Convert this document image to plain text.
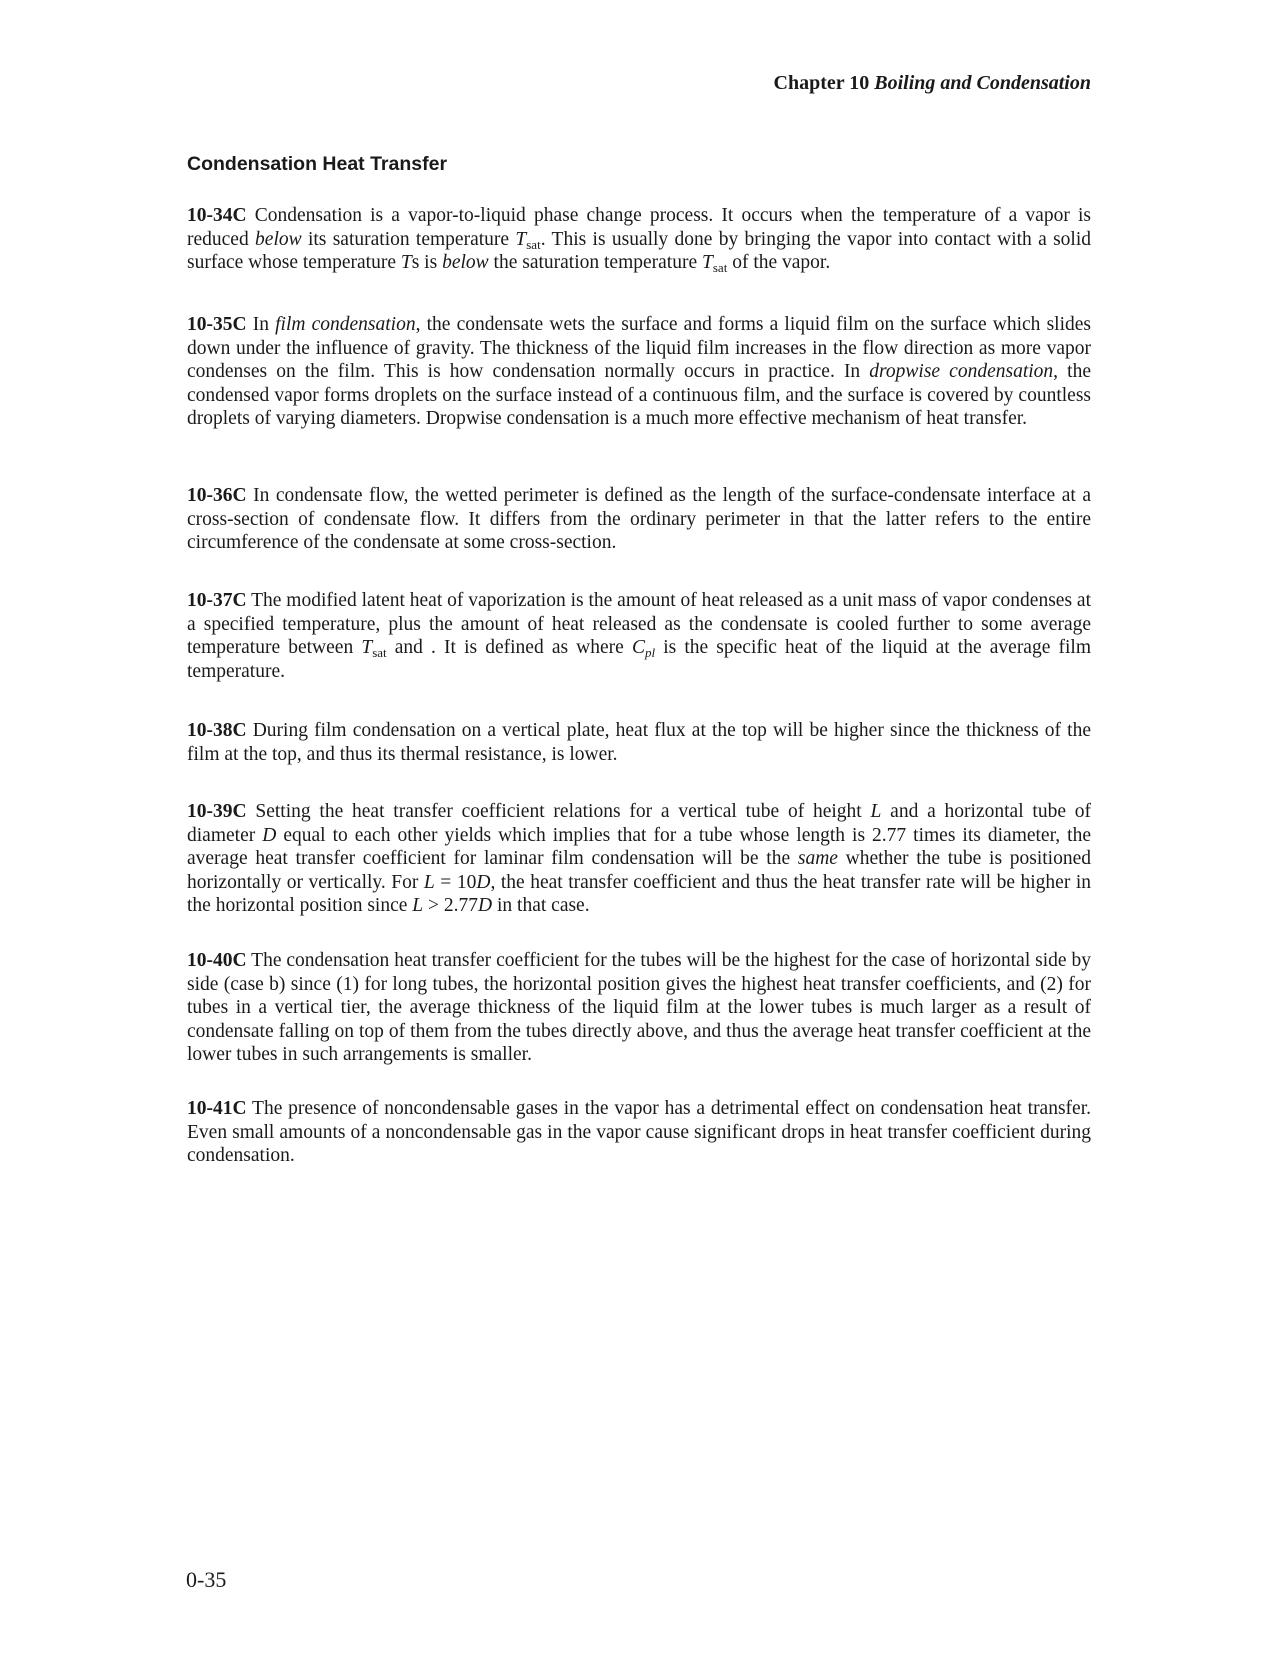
Chapter 10 Boiling and Condensation
Condensation Heat Transfer

10-34C Condensation is a vapor-to-liquid phase change process. It occurs when the temperature of a vapor is reduced below its saturation temperature $T_{sat}$. This is usually done by bringing the vapor into contact with a solid surface whose temperature Ts is below the saturation temperature $T_{sat}$ of the vapor.

10-35C In film condensation, the condensate wets the surface and forms a liquid film on the surface which slides down under the influence of gravity. The thickness of the liquid film increases in the flow direction as more vapor condenses on the film. This is how condensation normally occurs in practice. In dropwise condensation, the condensed vapor forms droplets on the surface instead of a continuous film, and the surface is covered by countless droplets of varying diameters. Dropwise condensation is a much more effective mechanism of heat transfer.

10-36C In condensate flow, the wetted perimeter is defined as the length of the surface-condensate interface at a cross-section of condensate flow. It differs from the ordinary perimeter in that the latter refers to the entire circumference of the condensate at some cross-section.

10-37C The modified latent heat of vaporization is the amount of heat released as a unit mass of vapor condenses at a specified temperature, plus the amount of heat released as the condensate is cooled further to some average temperature between $T_{sat}$ and . It is defined as where $C_{pl}$ is the specific heat of the liquid at the average film temperature.

10-38C During film condensation on a vertical plate, heat flux at the top will be higher since the thickness of the film at the top, and thus its thermal resistance, is lower.

10-39C Setting the heat transfer coefficient relations for a vertical tube of height L and a horizontal tube of diameter D equal to each other yields which implies that for a tube whose length is 2.77 times its diameter, the average heat transfer coefficient for laminar film condensation will be the same whether the tube is positioned horizontally or vertically. For L = 10D, the heat transfer coefficient and thus the heat transfer rate will be higher in the horizontal position since L > 2.77D in that case.

10-40C The condensation heat transfer coefficient for the tubes will be the highest for the case of horizontal side by side (case b) since (1) for long tubes, the horizontal position gives the highest heat transfer coefficients, and (2) for tubes in a vertical tier, the average thickness of the liquid film at the lower tubes is much larger as a result of condensate falling on top of them from the tubes directly above, and thus the average heat transfer coefficient at the lower tubes in such arrangements is smaller.

10-41C The presence of noncondensable gases in the vapor has a detrimental effect on condensation heat transfer. Even small amounts of a noncondensable gas in the vapor cause significant drops in heat transfer coefficient during condensation.

0-35
